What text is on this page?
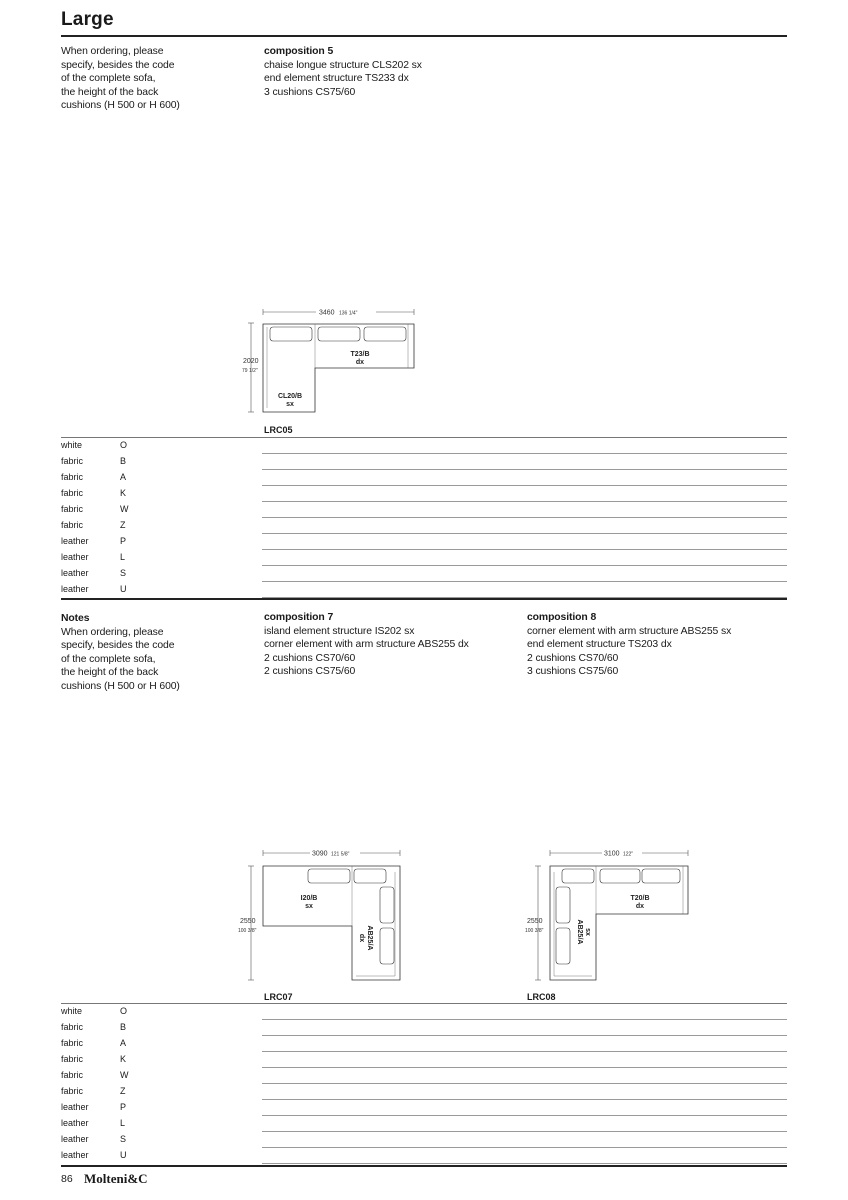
Large
When ordering, please
specify, besides the code
of the complete sofa,
the height of the back
cushions (H 500 or H 600)
composition 5
chaise longue structure CLS202 sx
end element structure TS233 dx
3 cushions CS75/60
3460 136 1/4"
2020
79 1/2"
T23/B
dx
CL20/B
sx
LRC05
white	O
fabric	B
fabric	A
fabric	K
fabric	W
fabric	Z
leather	P
leather	L
leather	S
leather	U
Notes
When ordering, please
specify, besides the code
of the complete sofa,
the height of the back
cushions (H 500 or H 600)
composition 7
island element structure IS202 sx
corner element with arm structure ABS255 dx
2 cushions CS70/60
2 cushions CS75/60
composition 8
corner element with arm structure ABS255 sx
end element structure TS203 dx
2 cushions CS70/60
3 cushions CS75/60
3090 121 5/8"
2550
100 3/8"
I20/B
sx
AB25/A
dx
LRC07
3100 122"
2550
100 3/8"
T20/B
dx
AB25/A sx
LRC08
white	O
fabric	B
fabric	A
fabric	K
fabric	W
fabric	Z
leather	P
leather	L
leather	S
leather	U
86 Molteni&C
